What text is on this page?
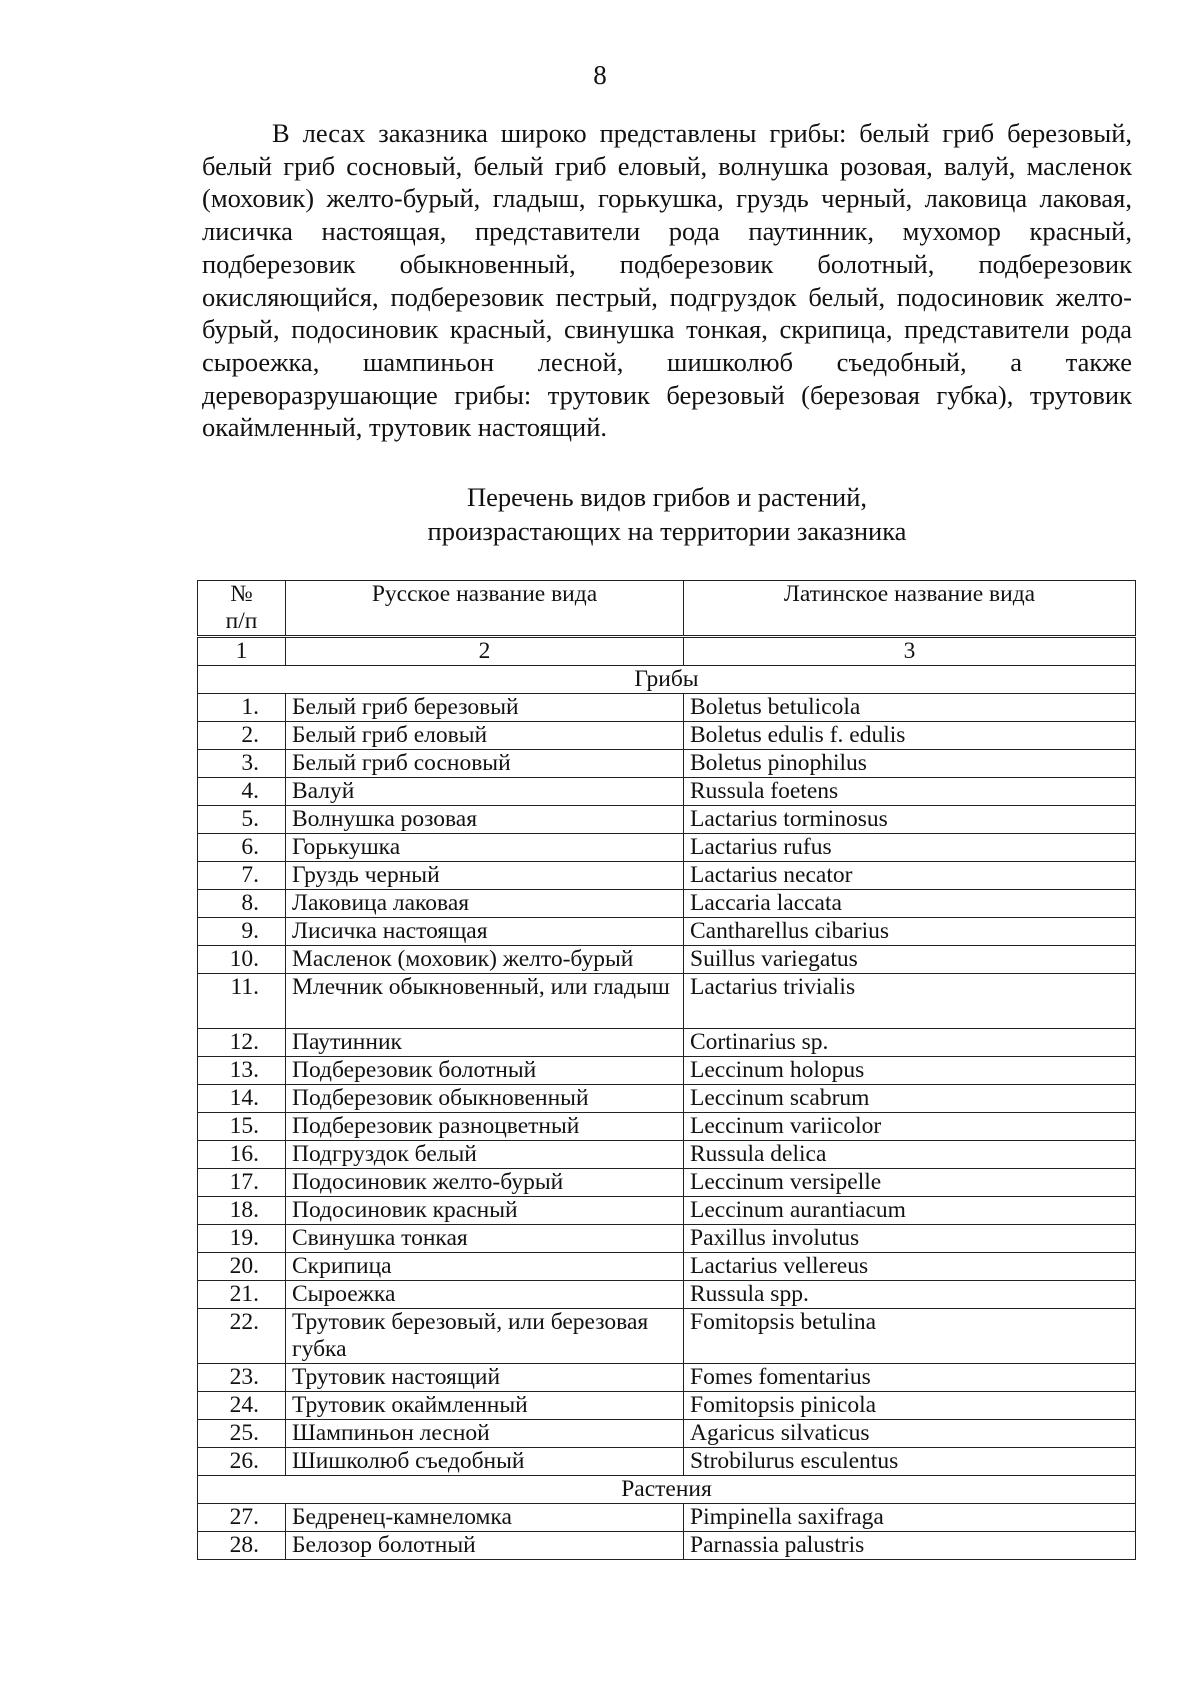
8

В лесах заказника широко представлены грибы: белый гриб березовый, белый гриб сосновый, белый гриб еловый, волнушка розовая, валуй, масленок (моховик) желто-бурый, гладыш, горькушка, груздь черный, лаковица лаковая, лисичка настоящая, представители рода паутинник, мухомор красный, подберезовик обыкновенный, подберезовик болотный, подберезовик окисляющийся, подберезовик пестрый, подгруздок белый, подосиновик желто-бурый, подосиновик красный, свинушка тонкая, скрипица, представители рода сыроежка, шампиньон лесной, шишколюб съедобный, а также дереворазрушающие грибы: трутовик березовый (березовая губка), трутовик окаймленный, трутовик настоящий.

Перечень видов грибов и растений,
произрастающих на территории заказника
№
п/п	Русское название вида	Латинское название вида
1	2	3
Грибы		
1.	Белый гриб березовый	Boletus betulicola
2.	Белый гриб еловый	Boletus edulis f. edulis
3.	Белый гриб сосновый	Boletus pinophilus
4.	Валуй	Russula foetens
5.	Волнушка розовая	Lactarius torminosus
6.	Горькушка	Lactarius rufus
7.	Груздь черный	Lactarius necator
8.	Лаковица лаковая	Laccaria laccata
9.	Лисичка настоящая	Cantharellus cibarius
10.	Масленок (моховик) желто-бурый	Suillus variegatus
11.	Млечник обыкновенный, или гладыш	Lactarius trivialis
12.	Паутинник	Cortinarius sp.
13.	Подберезовик болотный	Leccinum holopus
14.	Подберезовик обыкновенный	Leccinum scabrum
15.	Подберезовик разноцветный	Leccinum variicolor
16.	Подгруздок белый	Russula delica
17.	Подосиновик желто-бурый	Leccinum versipelle
18.	Подосиновик красный	Leccinum aurantiacum
19.	Свинушка тонкая	Paxillus involutus
20.	Скрипица	Lactarius vellereus
21.	Сыроежка	Russula spp.
22.	Трутовик березовый, или березовая губка	Fomitopsis betulina
23.	Трутовик настоящий	Fomes fomentarius
24.	Трутовик окаймленный	Fomitopsis pinicola
25.	Шампиньон лесной	Agaricus silvaticus
26.	Шишколюб съедобный	Strobilurus esculentus
Растения		
27.	Бедренец-камнеломка	Pimpinella saxifraga
28.	Белозор болотный	Parnassia palustris
